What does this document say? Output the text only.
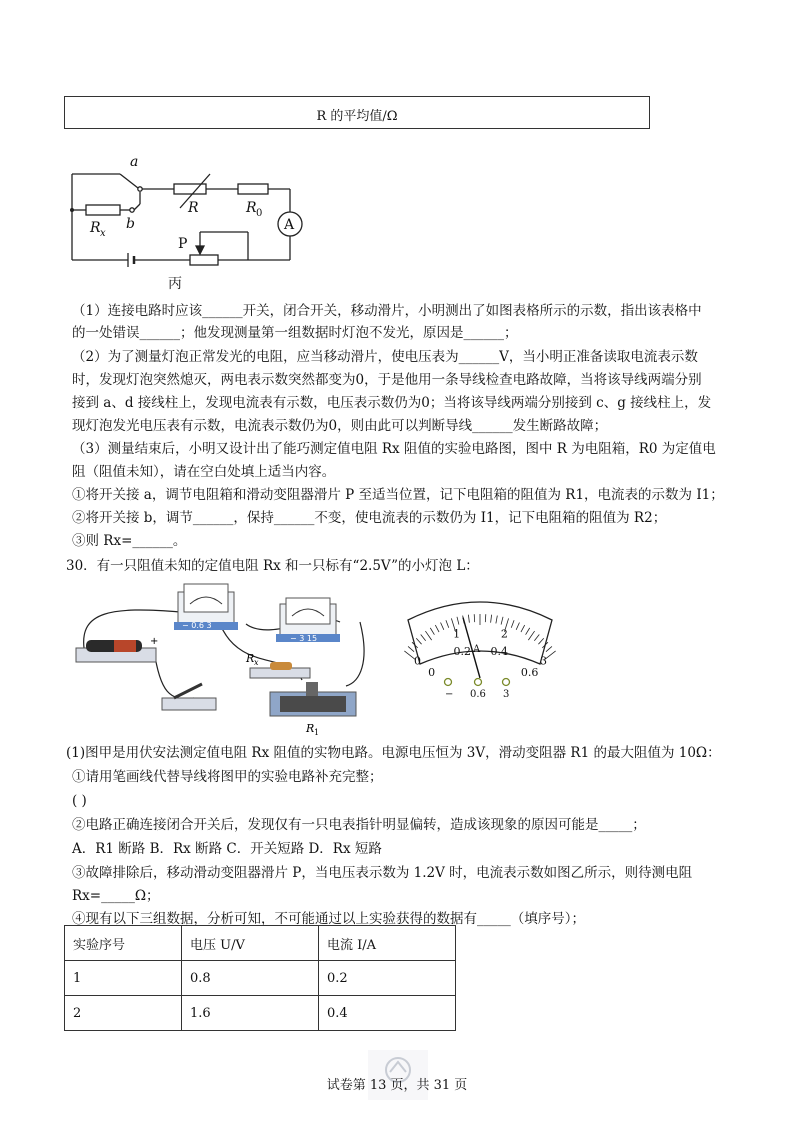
R 的平均值/Ω
a
b
R	R 0
R x
A
P
丙
（1）连接电路时应该______开关，闭合开关，移动滑片，小明测出了如图表格所示的示数，指出该表格中
的一处错误______；他发现测量第一组数据时灯泡不发光，原因是______；
（2）为了测量灯泡正常发光的电阻，应当移动滑片，使电压表为______V，当小明正准备读取电流表示数
时，发现灯泡突然熄灭，两电表示数突然都变为0，于是他用一条导线检查电路故障，当将该导线两端分别
接到 a、d 接线柱上，发现电流表有示数，电压表示数仍为0；当将该导线两端分别接到 c、g 接线柱上，发
现灯泡发光电压表有示数，电流表示数仍为0，则由此可以判断导线______发生断路故障；
（3）测量结束后，小明又设计出了能巧测定值电阻 Rx 阻值的实验电路图，图中 R 为电阻箱，R0 为定值电
阻（阻值未知），请在空白处填上适当内容。
①将开关接 a，调节电阻箱和滑动变阻器滑片 P 至适当位置，记下电阻箱的阻值为 R1，电流表的示数为 I1；
②将开关接 b，调节______，保持______不变，使电流表的示数仍为 I1，记下电阻箱的阻值为 R2；
③则 Rx=______。
30．有一只阻值未知的定值电阻 Rx 和一只标有“2.5V”的小灯泡 L：
+
− 0.6 3
− 3 15
R x
R 1
0
1	2
3
0
0.2 0.4
0.6
A
− 0.6 3
(1)图甲是用伏安法测定值电阻 Rx 阻值的实物电路。电源电压恒为 3V，滑动变阻器 R1 的最大阻值为 10Ω：
①请用笔画线代替导线将图甲的实验电路补充完整；
( )
②电路正确连接闭合开关后，发现仅有一只电表指针明显偏转，造成该现象的原因可能是_____；
A．R1 断路 B．Rx 断路 C．开关短路 D．Rx 短路
③故障排除后，移动滑动变阻器滑片 P，当电压表示数为 1.2V 时，电流表示数如图乙所示，则待测电阻
Rx=_____Ω；
④现有以下三组数据，分析可知，不可能通过以上实验获得的数据有_____（填序号）；
实验序号	电压 U/V	电流 I/A
1	0.8	0.2
2	1.6	0.4
试卷第 13 页，共 31 页
